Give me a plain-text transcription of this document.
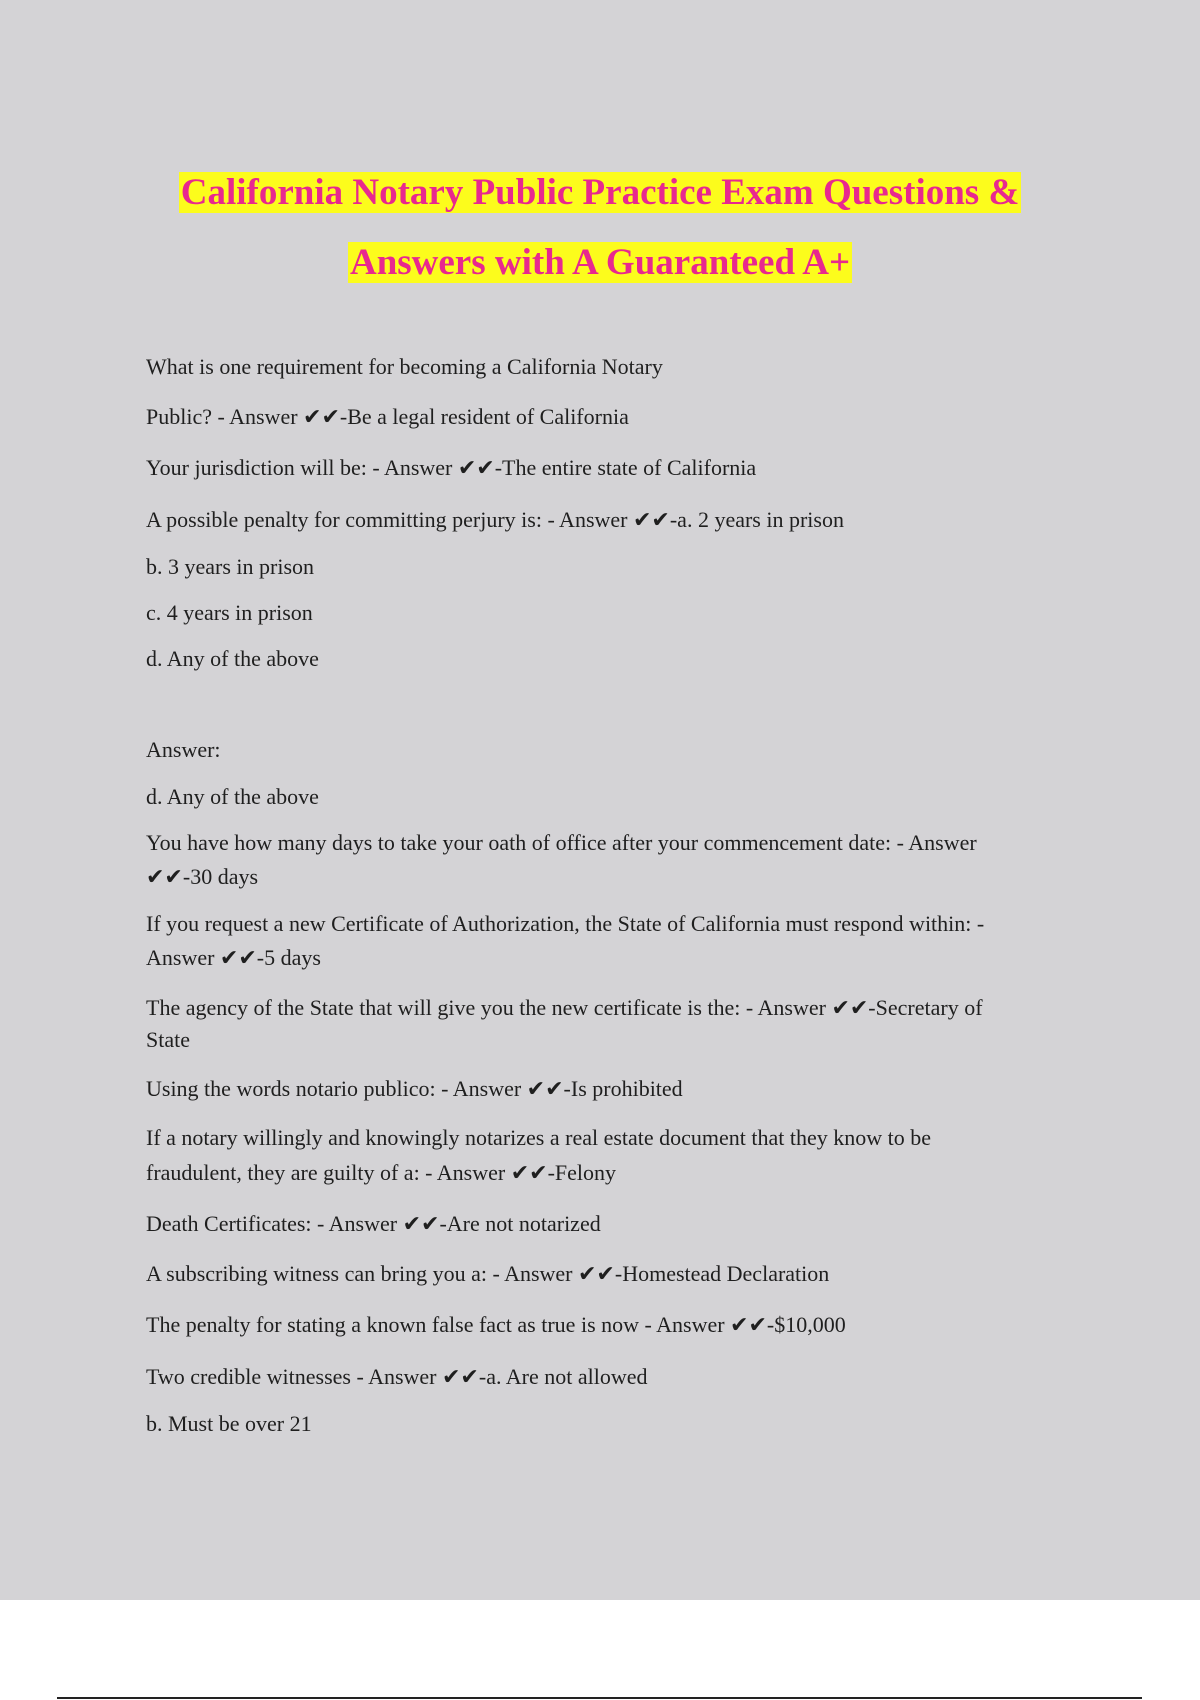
California Notary Public Practice Exam Questions &
Answers with A Guaranteed A+
What is one requirement for becoming a California Notary
Public? - Answer ✔✔-Be a legal resident of California
Your jurisdiction will be: - Answer ✔✔-The entire state of California
A possible penalty for committing perjury is: - Answer ✔✔-a. 2 years in prison
b. 3 years in prison
c. 4 years in prison
d. Any of the above
Answer:
d. Any of the above
You have how many days to take your oath of office after your commencement date: - Answer
✔✔-30 days
If you request a new Certificate of Authorization, the State of California must respond within: -
Answer ✔✔-5 days
The agency of the State that will give you the new certificate is the: - Answer ✔✔-Secretary of
State
Using the words notario publico: - Answer ✔✔-Is prohibited
If a notary willingly and knowingly notarizes a real estate document that they know to be
fraudulent, they are guilty of a: - Answer ✔✔-Felony
Death Certificates: - Answer ✔✔-Are not notarized
A subscribing witness can bring you a: - Answer ✔✔-Homestead Declaration
The penalty for stating a known false fact as true is now - Answer ✔✔-$10,000
Two credible witnesses - Answer ✔✔-a. Are not allowed
b. Must be over 21
